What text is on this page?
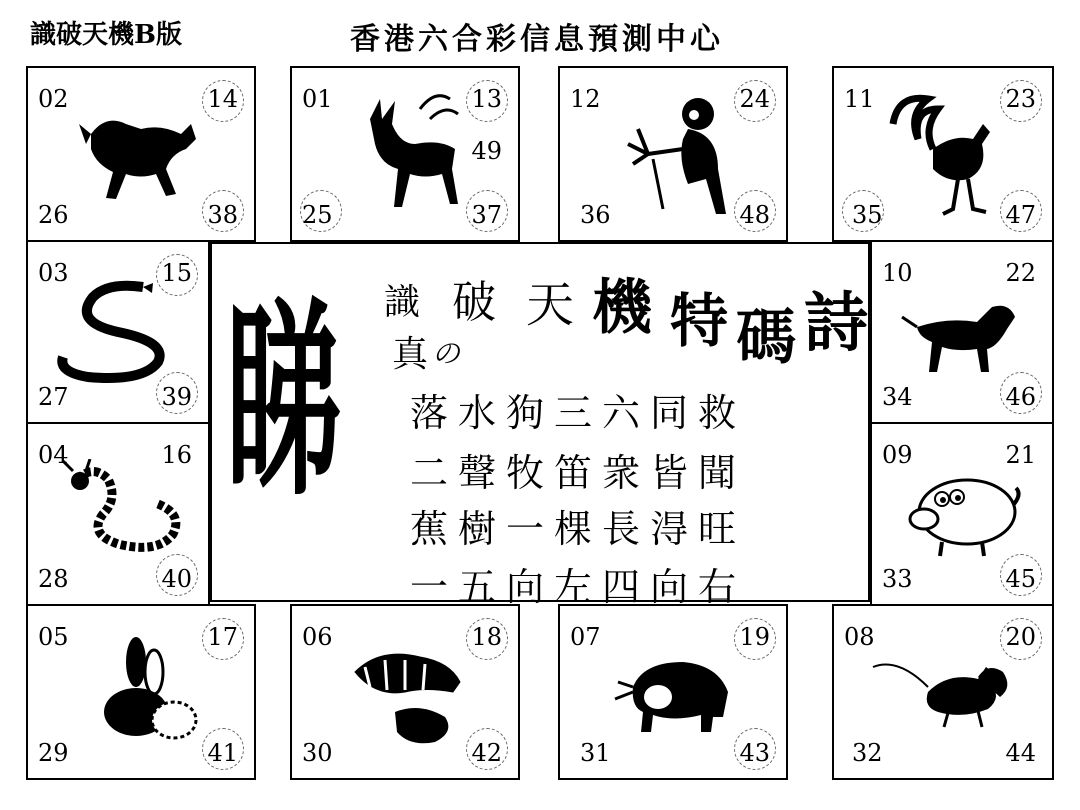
識破天機B版	香港六合彩信息預測中心
02	14
26	38
01	13
49
25	37
12	24
36	48
11	23
35	47
03	15
27	39
04	16
28	40
10	22
34	46
09	21
33	45
05	17
29	41
06	18
30	42
07	19
31	43
08	20
32	44
睇 識 破 天 機 特 碼 詩
真 の
落水狗三六同救
二聲牧笛衆皆聞
蕉樹一棵長淂旺
一五向左四向右
